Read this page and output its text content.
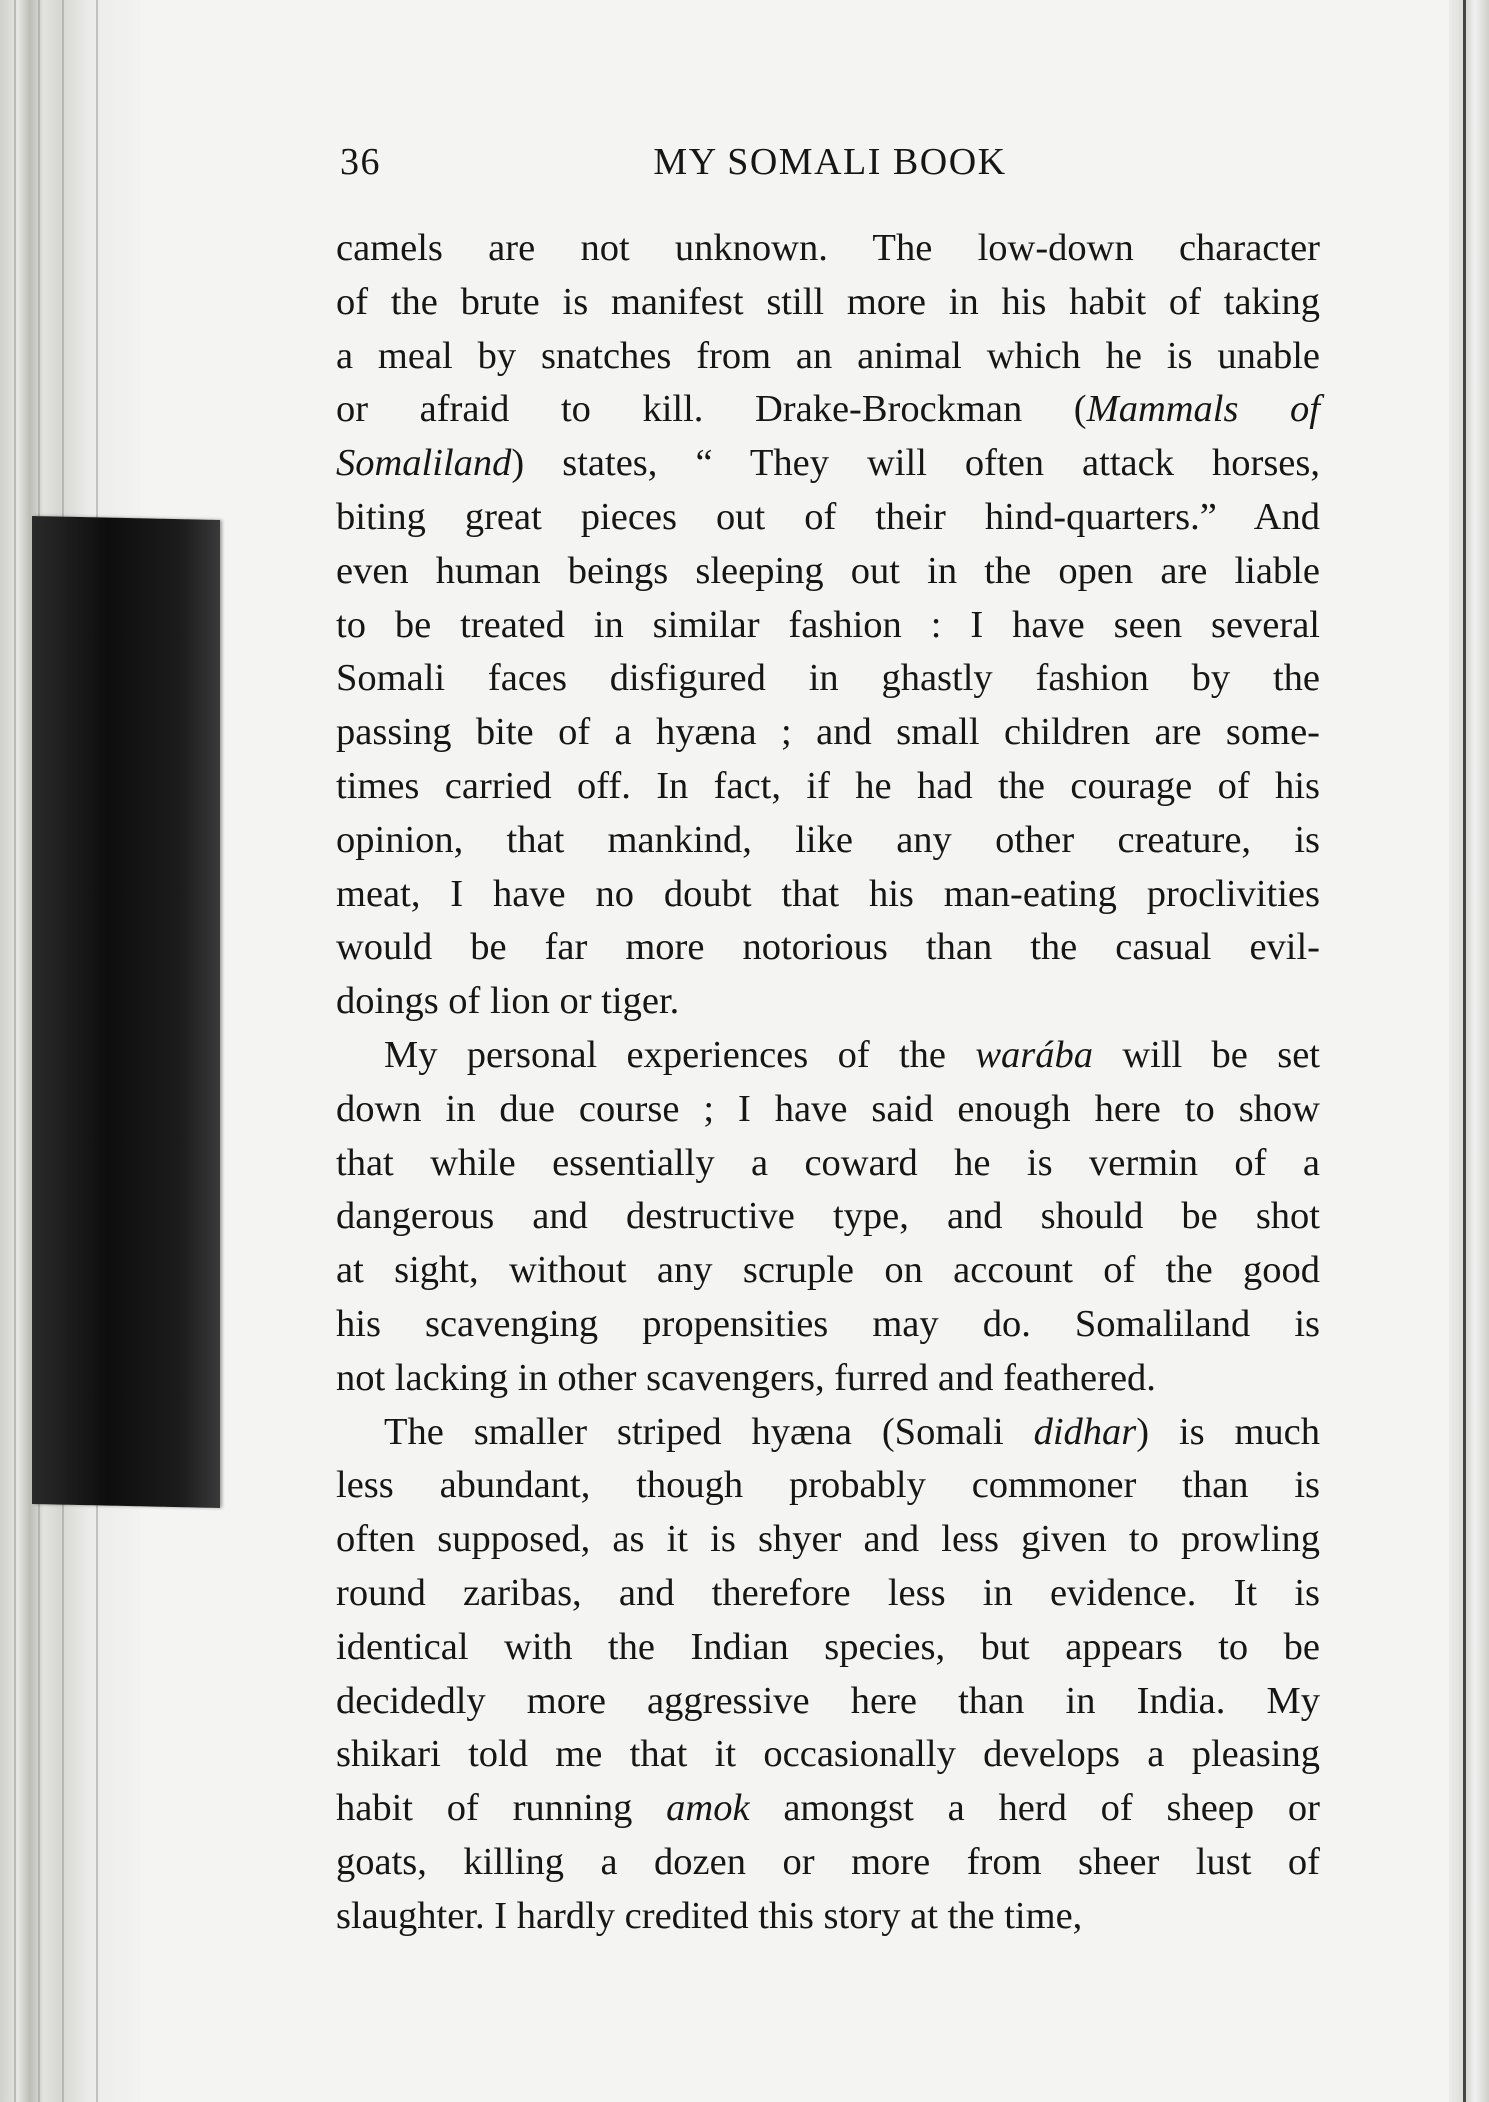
36	MY SOMALI BOOK

camels are not unknown. The low-down character
of the brute is manifest still more in his habit of taking
a meal by snatches from an animal which he is unable
or afraid to kill. Drake-Brockman (Mammals of
Somaliland) states, “ They will often attack horses,
biting great pieces out of their hind-quarters.” And
even human beings sleeping out in the open are liable
to be treated in similar fashion : I have seen several
Somali faces disfigured in ghastly fashion by the
passing bite of a hyæna ; and small children are some-
times carried off. In fact, if he had the courage of his
opinion, that mankind, like any other creature, is
meat, I have no doubt that his man-eating proclivities
would be far more notorious than the casual evil-
doings of lion or tiger.

My personal experiences of the warába will be set
down in due course ; I have said enough here to show
that while essentially a coward he is vermin of a
dangerous and destructive type, and should be shot
at sight, without any scruple on account of the good
his scavenging propensities may do. Somaliland is
not lacking in other scavengers, furred and feathered.

The smaller striped hyæna (Somali didhar) is much
less abundant, though probably commoner than is
often supposed, as it is shyer and less given to prowling
round zaribas, and therefore less in evidence. It is
identical with the Indian species, but appears to be
decidedly more aggressive here than in India. My
shikari told me that it occasionally develops a pleasing
habit of running amok amongst a herd of sheep or
goats, killing a dozen or more from sheer lust of
slaughter. I hardly credited this story at the time,
